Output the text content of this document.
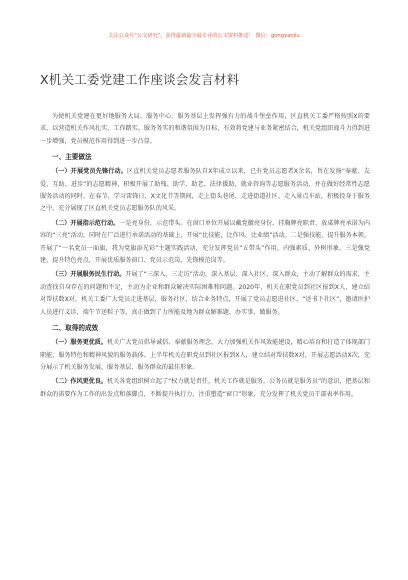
关注公众号“公文研究”，获得最新最全最专业的公文资料推送！ 微信：gongyanjiu
X机关工委党建工作座谈会发言材料

为使机关党建在更好地服务大局、服务中心、服务基层上发挥强有力的战斗堡垒作用，区直机关工委严格按照X的要求，以营造机关作风扎实、工作踏实、服务务实的和谐氛围为目标，有效将党建与业务紧密结合，机关党组织战斗力得到进一步增强，党员模范作用得到进一步凸显。

一、主要做法

（一）开展党员先锋行动。区直机关党员志愿者服务队自X年成立以来，已有党员志愿者X余名，旨在发扬“奉献、友爱、互助、进步”的志愿精神，积极开展了助残、助学、助老、法律援助、就业咨询等志愿服务活动，并在做好经常性志愿服务活动的同时，在春节、学习雷锋日、X文化节等期间，走上街头巷尾、走进街道社区、走入景点车站，积极投身于服务之中，充分展现了区直机关党员志愿服务队的风采。

（二）开展指示范行动。一是亮身份，示范带头。在窗口单位开展以戴党徽亮身份、挂胸牌亮职责、放桌牌亮承诺为内容的“三亮”活动，同时在广泛进行承诺活动的基础上，开展“比技能、比作风、比业绩”活动。二是强技能，提升服务本领。开展了“一名党员一面旗，我为党旗添光彩”主题实践活动，充分发挥党员“五带头”作用，内强素质、外树形象。三是强党建，提升特色亮点，开展优质服务窗口、党员示范岗、先锋模范岗等。

（三）开展服务民生行动。开展了“三深入、三走访”活动，深入基层、深入社区、深入群众，主动了解群众的需求，主动查找自身存在的问题和不足，主动为企业和群众解决实际困难和问题。2020年，机关在职党员到社区报到X人，建立结对帮扶数X对，机关工委广大党员走进基层，服务社区，结合业务特点，开展了党员志愿进社区、“送书下社区”，邀请医护人员进行义诊，端午节送粽子等，真正做到了力所能及地为群众解难题、办实事、做服务。

二、取得的成效

（一）服务更优质。机关广大党员倡导诚信、奉献服务理念，大力加强机关作风效能建设，精心培育和打造了体现部门职能、服务特色和精神风貌的服务载体。上半年机关在职党员到社区报到X人，建立结对帮扶数X对，开展志愿活动X次，充分展示了机关服务发展、服务基层、服务群众的最佳形象。

（二）作风更优良。机关各党组织树立起了“权力就是责任，机关工作就是服务，公务员就是服务员”的意识，把基层和群众的需要作为工作的出发点和落脚点，不断提升执行力，注重塑造“窗口”形象，充分发挥了机关党员干部表率作用。
